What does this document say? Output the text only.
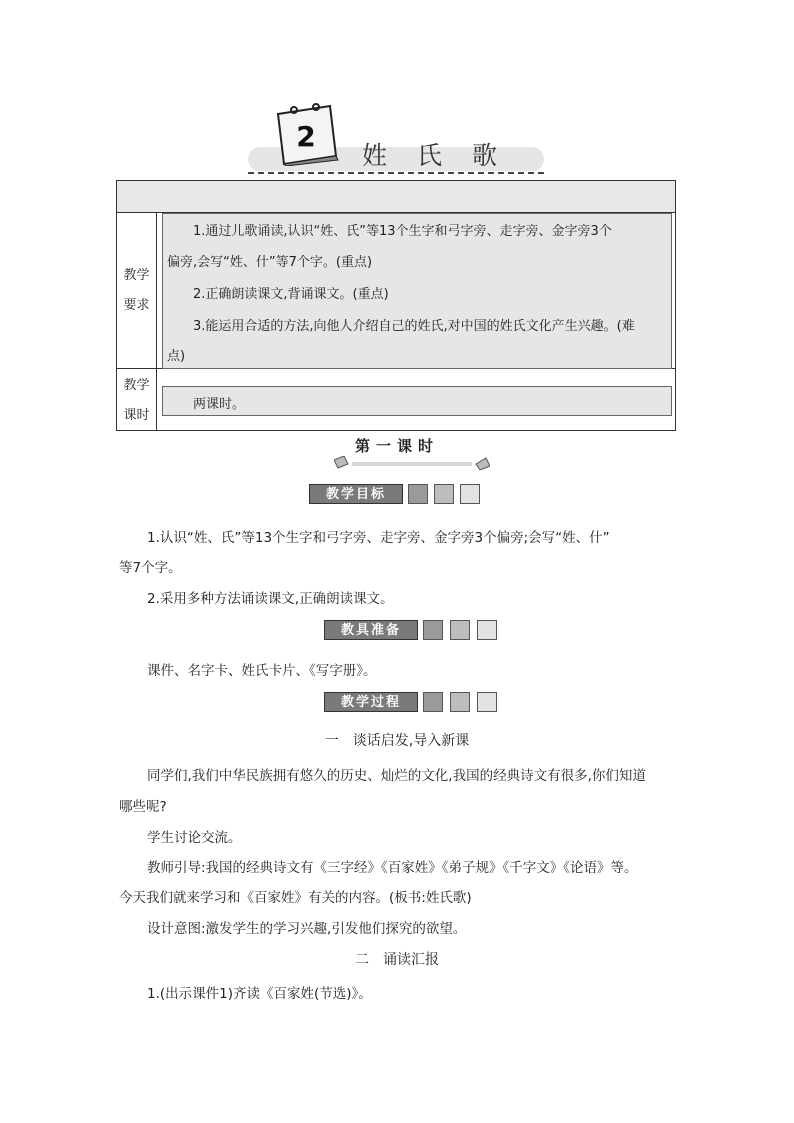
2
姓氏歌
教学
要求
1.通过儿歌诵读,认识“姓、氏”等13个生字和弓字旁、走字旁、金字旁3个
偏旁,会写“姓、什”等7个字。(重点)
2.正确朗读课文,背诵课文。(重点)
3.能运用合适的方法,向他人介绍自己的姓氏,对中国的姓氏文化产生兴趣。(难
点)
教学
课时
两课时。
第一课时
教学目标
1.认识“姓、氏”等13个生字和弓字旁、走字旁、金字旁3个偏旁;会写“姓、什”
等7个字。
2.采用多种方法诵读课文,正确朗读课文。
教具准备
课件、名字卡、姓氏卡片、《写字册》。
教学过程
一　谈话启发,导入新课
同学们,我们中华民族拥有悠久的历史、灿烂的文化,我国的经典诗文有很多,你们知道
哪些呢?
学生讨论交流。
教师引导:我国的经典诗文有《三字经》《百家姓》《弟子规》《千字文》《论语》等。
今天我们就来学习和《百家姓》有关的内容。(板书:姓氏歌)
设计意图:激发学生的学习兴趣,引发他们探究的欲望。
二　诵读汇报
1.(出示课件1)齐读《百家姓(节选)》。
